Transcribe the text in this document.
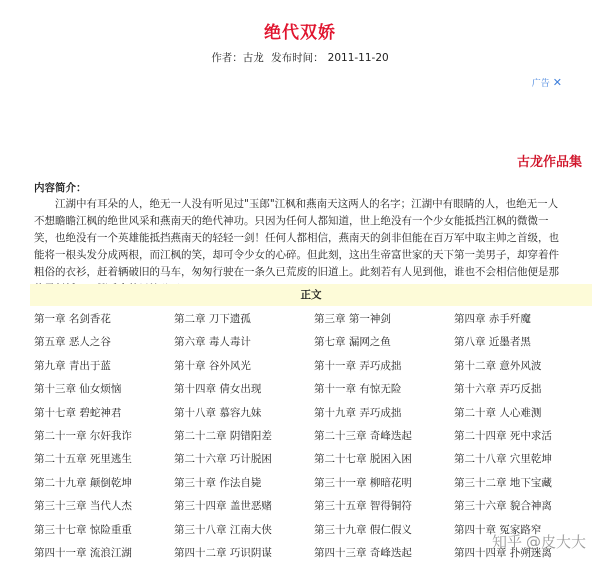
绝代双娇
作者：古龙 发布时间： 2011-11-20
广告 ✕
古龙作品集
内容简介：
江湖中有耳朵的人，绝无一人没有听见过"玉郎"江枫和燕南天这两人的名字；江湖中有眼睛的人，也绝无一人不想瞻瞻江枫的绝世风采和燕南天的绝代神功。只因为任何人都知道，世上绝没有一个少女能抵挡江枫的微微一笑，也绝没有一个英雄能抵挡燕南天的轻轻一剑！任何人都相信，燕南天的剑非但能在百万军中取主帅之首级，也能将一根头发分成两根，而江枫的笑，却可令少女的心碎。但此刻，这出生帝富世家的天下第一美男子，却穿着件粗俗的衣衫，赶着辆破旧的马车，匆匆行驶在一条久已荒废的旧道上。此刻若有人见到他，谁也不会相信他便是那
正文
第一章 名剑香花	第二章 刀下遗孤	第三章 第一神剑	第四章 赤手歼魔
第五章 恶人之谷	第六章 毒人毒计	第七章 漏网之鱼	第八章 近墨者黑
第九章 青出于蓝	第十章 谷外风光	第十一章 弄巧成拙	第十二章 意外风波
第十三章 仙女烦恼	第十四章 倩女出现	第十一章 有惊无险	第十六章 弄巧反拙
第十七章 碧蛇神君	第十八章 慕容九妹	第十九章 弄巧成拙	第二十章 人心难测
第二十一章 尔奸我诈	第二十二章 阴错阳差	第二十三章 奇峰迭起	第二十四章 死中求活
第二十五章 死里逃生	第二十六章 巧计脱困	第二十七章 脱困入困	第二十八章 穴里乾坤
第二十九章 颠倒乾坤	第三十章 作法自毙	第三十一章 柳暗花明	第三十二章 地下宝藏
第三十三章 当代人杰	第三十四章 盖世恶赌	第三十五章 智得铜符	第三十六章 貌合神离
第三十七章 惊险重重	第三十八章 江南大侠	第三十九章 假仁假义	第四十章 冤家路窄
第四十一章 流浪江湖	第四十二章 巧识阴谋	第四十三章 奇峰迭起	第四十四章 扑朔迷离
知乎 @皮大大
